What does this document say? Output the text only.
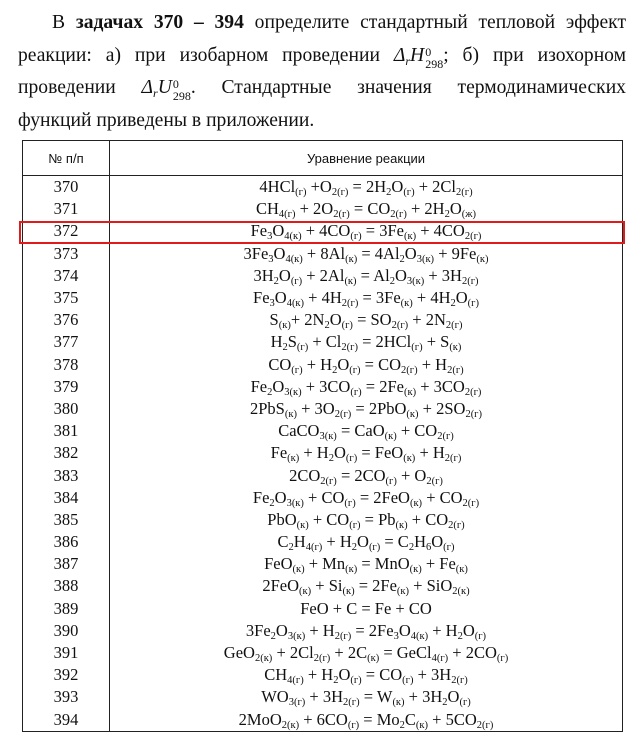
В задачах 370 – 394 определите стандартный тепловой эффект
реакции: а) при изобарном проведении $\Delta_rH$ 0
298 ; б) при изохорном
проведении $\Delta_rU$ 0
298 . Стандартные значения термодинамических
функций приведены в приложении.
№ п/п	Уравнение реакции
370	$4HCl_{(г)} +O_{2(г)} = 2H_2O_{(г)} + 2Cl_{2(г)}$
371	$CH_{4(г)} + 2O_{2(г)} = CO_{2(г)} + 2H_2O_{(ж)}$
372	$Fe_3O_{4(к)} + 4CO_{(г)} = 3Fe_{(к)} + 4CO_{2(г)}$
373	$3Fe_3O_{4(к)} + 8Al_{(к)} = 4Al_2O_{3(к)} + 9Fe_{(к)}$
374	$3H_2O_{(г)} + 2Al_{(к)} = Al_2O_{3(к)} + 3H_{2(г)}$
375	$Fe_3O_{4(к)} + 4H_{2(г)} = 3Fe_{(к)} + 4H_2O_{(г)}$
376	$S_{(к)}+ 2N_2O_{(г)} = SO_{2(г)} + 2N_{2(г)}$
377	$H_2S_{(г)} + Cl_{2(г)} = 2HCl_{(г)} + S_{(к)}$
378	$CO_{(г)} + H_2O_{(г)} = CO_{2(г)} + H_{2(г)}$
379	$Fe_2O_{3(к)} + 3CO_{(г)} = 2Fe_{(к)} + 3CO_{2(г)}$
380	$2PbS_{(к)} + 3O_{2(г)} = 2PbO_{(к)} + 2SO_{2(г)}$
381	CaCO$_{3(к)}$ = $CaO_{(к)} + CO_{2(г)}$
382	$Fe_{(к)} + H_2O_{(г)} = FeO_{(к)} + H_{2(г)}$
383	$2CO_{2(г)} = 2CO_{(г)} + O_{2(г)}$
384	$Fe_2O_{3(к)} + CO_{(г)} = 2FeO_{(к)} + CO_{2(г)}$
385	$PbO_{(к)} + CO_{(г)} = Pb_{(к)} + CO_{2(г)}$
386	$C_2H_{4(г)} + H_2O_{(г)} = C_2H_6O_{(г)}$
387	$FeO_{(к)} + Mn_{(к)} = MnO_{(к)} + Fe_{(к)}$
388	$2FeO_{(к)} + Si_{(к)} = 2Fe_{(к)} + SiO_{2(к)}$
389	FeO + C = Fe + CO
390	$3Fe_2O_{3(к)} + H_{2(г)} = 2Fe_3O_{4(к)} + H_2O_{(г)}$
391	$GeO_{2(к)} + 2Cl_{2(г)} + 2C_{(к)}$ = GeCl$_{4(г)}$ + $2CO_{(г)}$
392	$CH_{4(г)} + H_2O_{(г)} = CO_{(г)} + 3H_{2(г)}$
393	$WO_{3(г)} + 3H_{2(г)} = W_{(к)} + 3H_2O_{(г)}$
394	$2MoO_{2(к)} + 6CO_{(г)} = Mo_2C_{(к)} + 5CO_{2(г)}$
